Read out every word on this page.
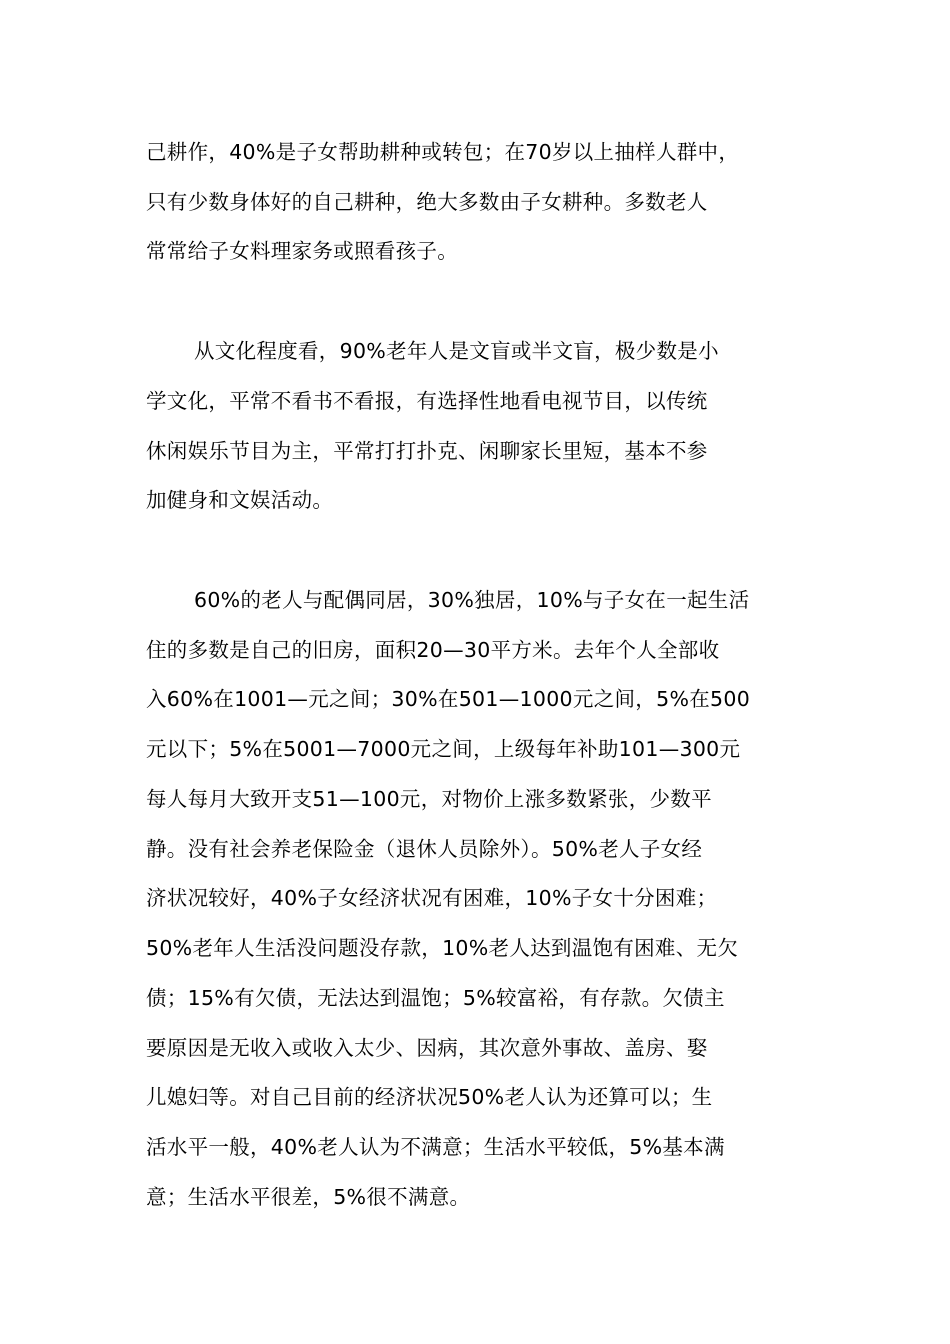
己耕作，40%是子女帮助耕种或转包；在70岁以上抽样人群中，
只有少数身体好的自己耕种，绝大多数由子女耕种。多数老人
常常给子女料理家务或照看孩子。
从文化程度看，90%老年人是文盲或半文盲，极少数是小
学文化，平常不看书不看报，有选择性地看电视节目，以传统
休闲娱乐节目为主，平常打打扑克、闲聊家长里短，基本不参
加健身和文娱活动。
60%的老人与配偶同居，30%独居，10%与子女在一起生活
住的多数是自己的旧房，面积20—30平方米。去年个人全部收
入60%在1001—元之间；30%在501—1000元之间，5%在500
元以下；5%在5001—7000元之间，上级每年补助101—300元
每人每月大致开支51—100元，对物价上涨多数紧张，少数平
静。没有社会养老保险金（退休人员除外）。50%老人子女经
济状况较好，40%子女经济状况有困难，10%子女十分困难；
50%老年人生活没问题没存款，10%老人达到温饱有困难、无欠
债；15%有欠债，无法达到温饱；5%较富裕，有存款。欠债主
要原因是无收入或收入太少、因病，其次意外事故、盖房、娶
儿媳妇等。对自己目前的经济状况50%老人认为还算可以；生
活水平一般，40%老人认为不满意；生活水平较低，5%基本满
意；生活水平很差，5%很不满意。
